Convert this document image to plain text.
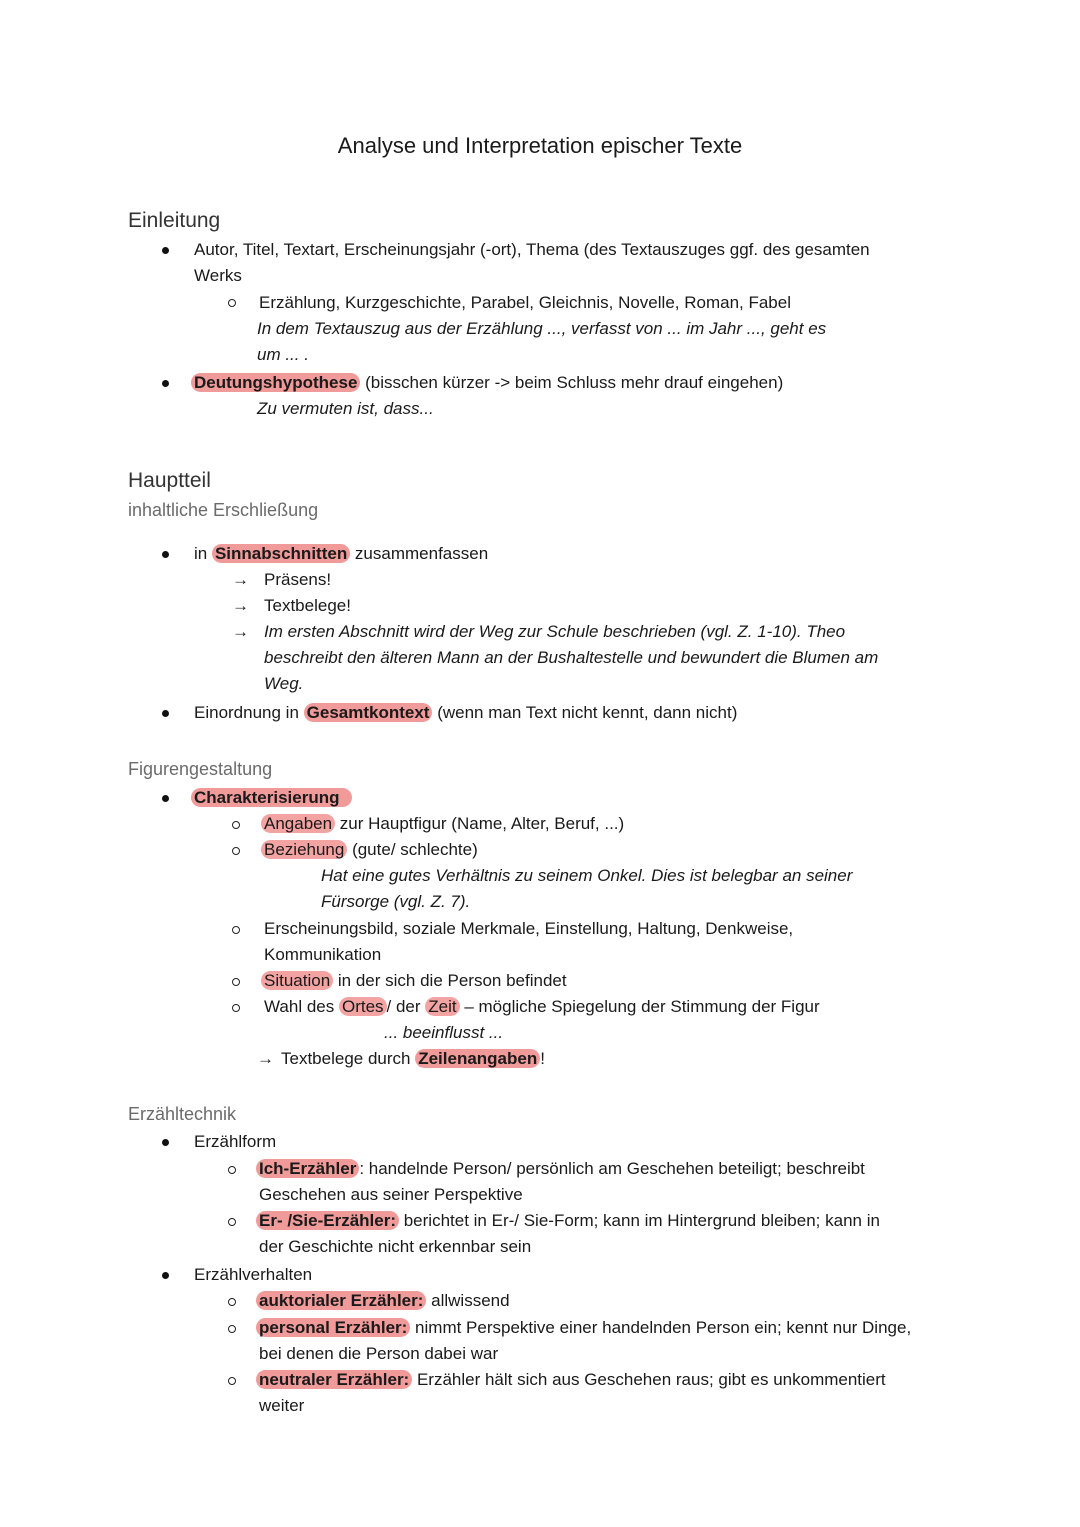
Analyse und Interpretation epischer Texte
Einleitung
Autor, Titel, Textart, Erscheinungsjahr (-ort), Thema (des Textauszuges ggf. des gesamten
Werks
Erzählung, Kurzgeschichte, Parabel, Gleichnis, Novelle, Roman, Fabel
In dem Textauszug aus der Erzählung ..., verfasst von ... im Jahr ..., geht es
um ... .
Deutungshypothese (bisschen kürzer -> beim Schluss mehr drauf eingehen)
Zu vermuten ist, dass...
Hauptteil
inhaltliche Erschließung
in Sinnabschnitten zusammenfassen
→ Präsens!
→ Textbelege!
→ Im ersten Abschnitt wird der Weg zur Schule beschrieben (vgl. Z. 1-10). Theo
beschreibt den älteren Mann an der Bushaltestelle und bewundert die Blumen am
Weg.
Einordnung in Gesamtkontext (wenn man Text nicht kennt, dann nicht)
Figurengestaltung
Charakterisierung
Angaben zur Hauptfigur (Name, Alter, Beruf, ...)
Beziehung (gute/ schlechte)
Hat eine gutes Verhältnis zu seinem Onkel. Dies ist belegbar an seiner
Fürsorge (vgl. Z. 7).
Erscheinungsbild, soziale Merkmale, Einstellung, Haltung, Denkweise,
Kommunikation
Situation in der sich die Person befindet
Wahl des Ortes / der Zeit – mögliche Spiegelung der Stimmung der Figur
... beeinflusst ...
→ Textbelege durch Zeilenangaben !
Erzähltechnik
Erzählform
Ich-Erzähler : handelnde Person/ persönlich am Geschehen beteiligt; beschreibt
Geschehen aus seiner Perspektive
Er- /Sie-Erzähler: berichtet in Er-/ Sie-Form; kann im Hintergrund bleiben; kann in
der Geschichte nicht erkennbar sein
Erzählverhalten
auktorialer Erzähler: allwissend
personal Erzähler: nimmt Perspektive einer handelnden Person ein; kennt nur Dinge,
bei denen die Person dabei war
neutraler Erzähler: Erzähler hält sich aus Geschehen raus; gibt es unkommentiert
weiter
